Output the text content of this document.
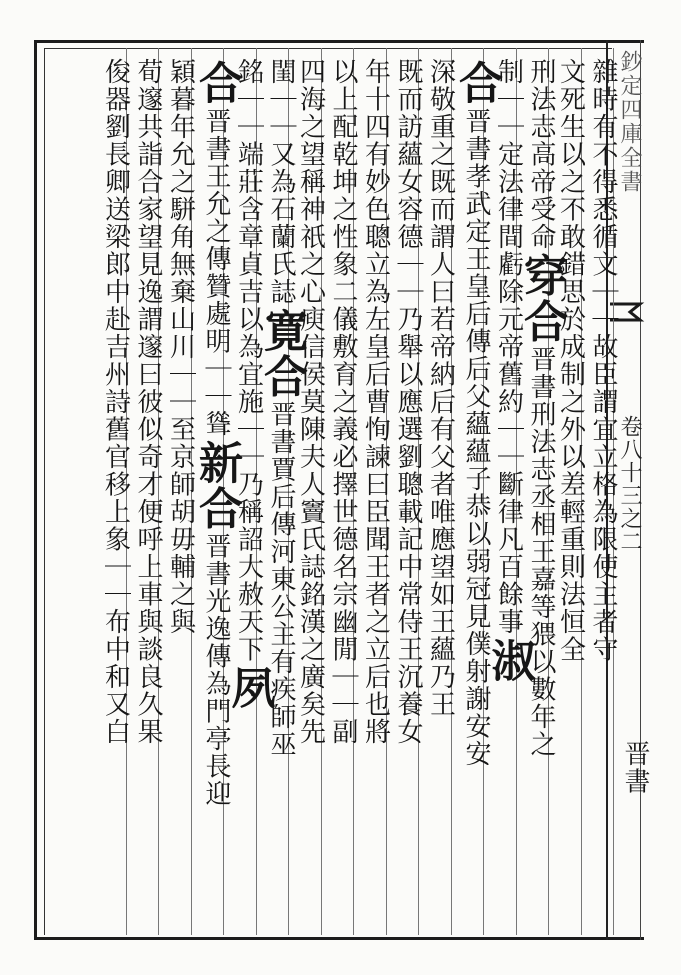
鈔定四庫全書
卷八十三之二
雜時有不得悉循文｜｜故臣謂宜立格為限使主者守
文死生以之不敢錯思於成制之外以差輕重則法恒全
刑法志高帝受命穿合晋書刑法志丞相王嘉等猥以數年之
制｜｜定法律間虧除元帝舊約｜｜斷律凡百餘事淑
合晋書孝武定王皇后傳后父蘊蘊子恭以弱冠見僕射謝安安
深敬重之既而謂人曰若帝納后有父者唯應望如王蘊乃王
既而訪蘊女容德｜｜乃舉以應選劉聰載記中常侍王沉養女
年十四有妙色聰立為左皇后曹恂諫曰臣聞王者之立后也將
以上配乾坤之性象二儀敷育之義必擇世德名宗幽閒｜｜副
四海之望稱神祇之心庾信侯莫陳夫人竇氏誌銘漢之廣矣先
閨｜｜又為石蘭氏誌寛合晋書賈后傳河東公主有疾師巫
銘｜｜端莊含章貞吉以為宜施｜｜乃稱詔大赦天下夙
合晋書王允之傳贊處明｜｜聳新合晋書光逸傳為門亭長迎
穎暮年允之駢角無棄山川｜｜至京師胡毋輔之與
荀邃共詣合家望見逸謂邃曰彼似奇才便呼上車與談良久果
俊器劉長卿送梁郎中赴吉州詩舊官移上象｜｜布中和又白
晋書
